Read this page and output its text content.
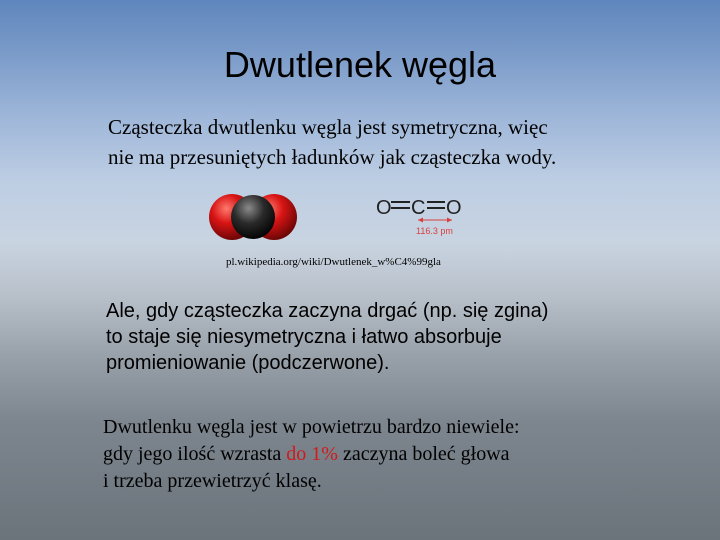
Dwutlenek węgla
Cząsteczka dwutlenku węgla jest symetryczna, więc
nie ma przesuniętych ładunków jak cząsteczka wody.
O C O
116.3 pm
pl.wikipedia.org/wiki/Dwutlenek_w%C4%99gla
Ale, gdy cząsteczka zaczyna drgać (np. się zgina)
to staje się niesymetryczna i łatwo absorbuje
promieniowanie (podczerwone).
Dwutlenku węgla jest w powietrzu bardzo niewiele:
gdy jego ilość wzrasta do 1% zaczyna boleć głowa
i trzeba przewietrzyć klasę.
